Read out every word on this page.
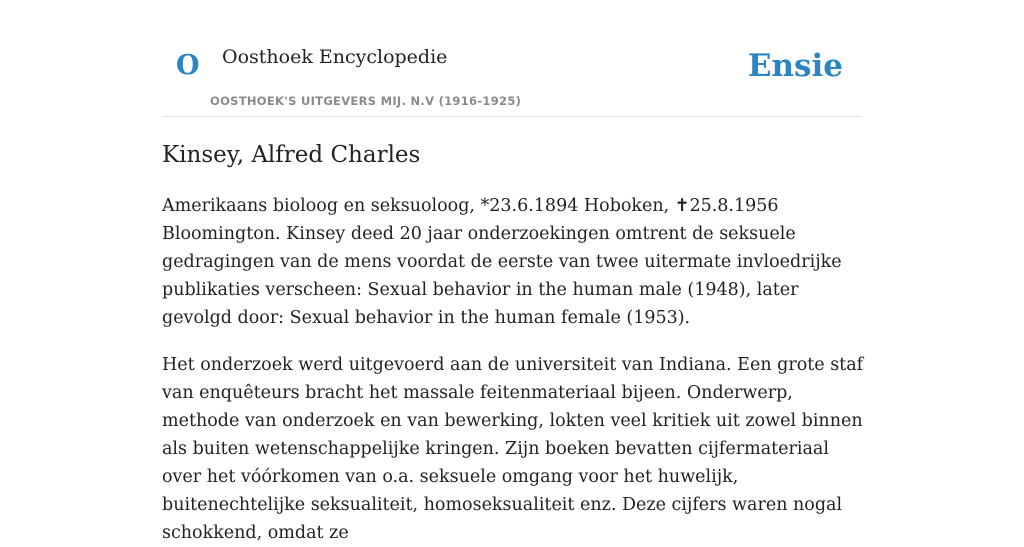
O Oosthoek Encyclopedie
OOSTHOEK'S UITGEVERS MIJ. N.V (1916-1925)
Ensie
Kinsey, Alfred Charles

Amerikaans bioloog en seksuoloog, *23.6.1894 Hoboken, ✝25.8.1956 Bloomington. Kinsey deed 20 jaar onderzoekingen omtrent de seksuele gedragingen van de mens voordat de eerste van twee uitermate invloedrijke publikaties verscheen: Sexual behavior in the human male (1948), later gevolgd door: Sexual behavior in the human female (1953).

Het onderzoek werd uitgevoerd aan de universiteit van Indiana. Een grote staf van enquêteurs bracht het massale feitenmateriaal bijeen. Onderwerp, methode van onderzoek en van bewerking, lokten veel kritiek uit zowel binnen als buiten wetenschappelijke kringen. Zijn boeken bevatten cijfermateriaal over het vóórkomen van o.a. seksuele omgang voor het huwelijk, buitenechtelijke seksualiteit, homoseksualiteit enz. Deze cijfers waren nogal schokkend, omdat ze
